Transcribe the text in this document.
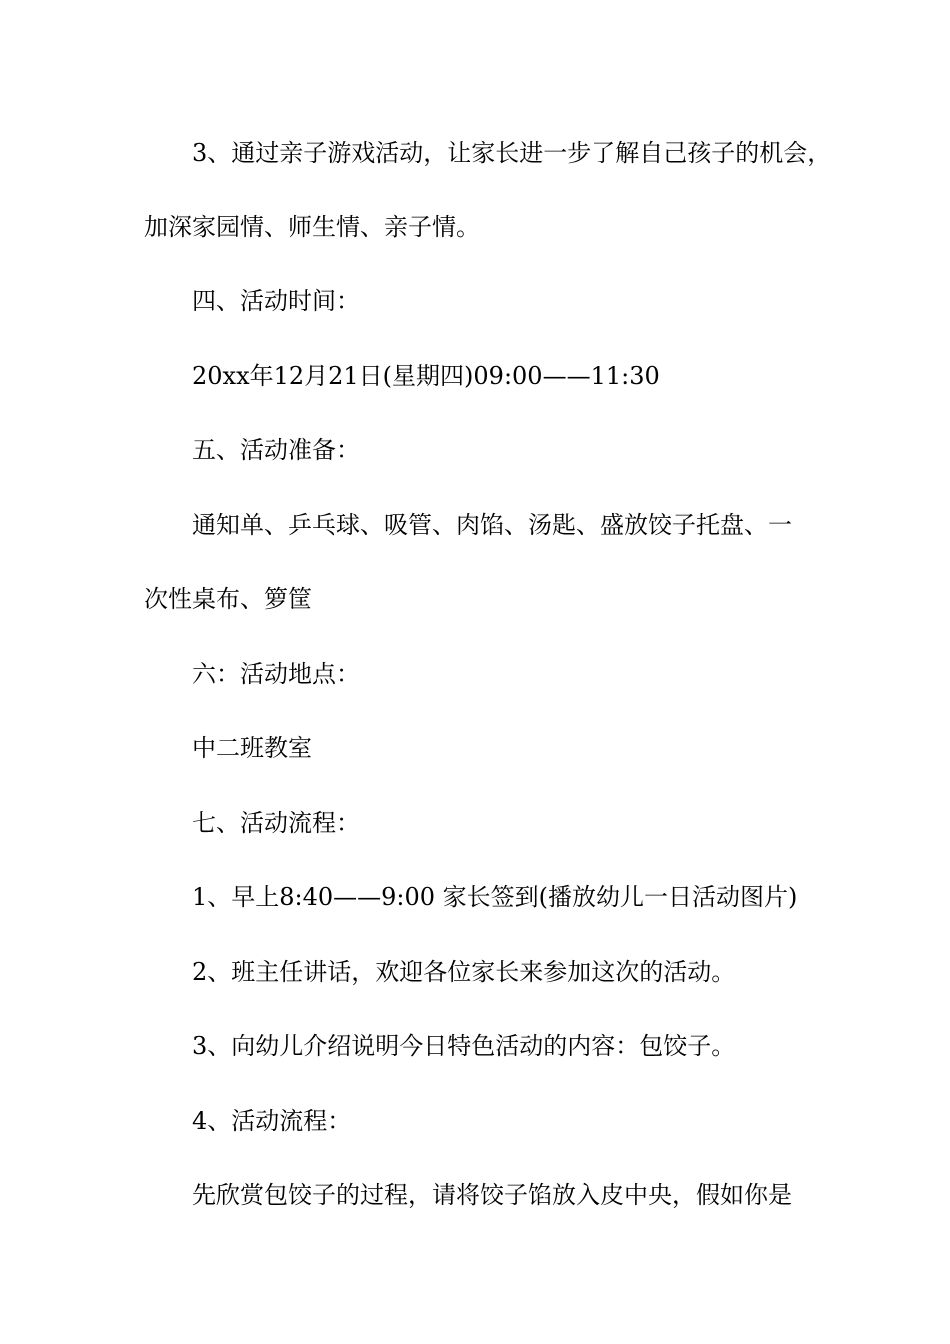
3、通过亲子游戏活动，让家长进一步了解自己孩子的机会，
加深家园情、师生情、亲子情。
四、活动时间：
20xx年12月21日(星期四)09:00——11:30
五、活动准备：
通知单、乒乓球、吸管、肉馅、汤匙、盛放饺子托盘、一
次性桌布、箩筐
六：活动地点：
中二班教室
七、活动流程：
1、早上8:40——9:00 家长签到(播放幼儿一日活动图片)
2、班主任讲话，欢迎各位家长来参加这次的活动。
3、向幼儿介绍说明今日特色活动的内容：包饺子。
4、活动流程：
先欣赏包饺子的过程，请将饺子馅放入皮中央，假如你是
